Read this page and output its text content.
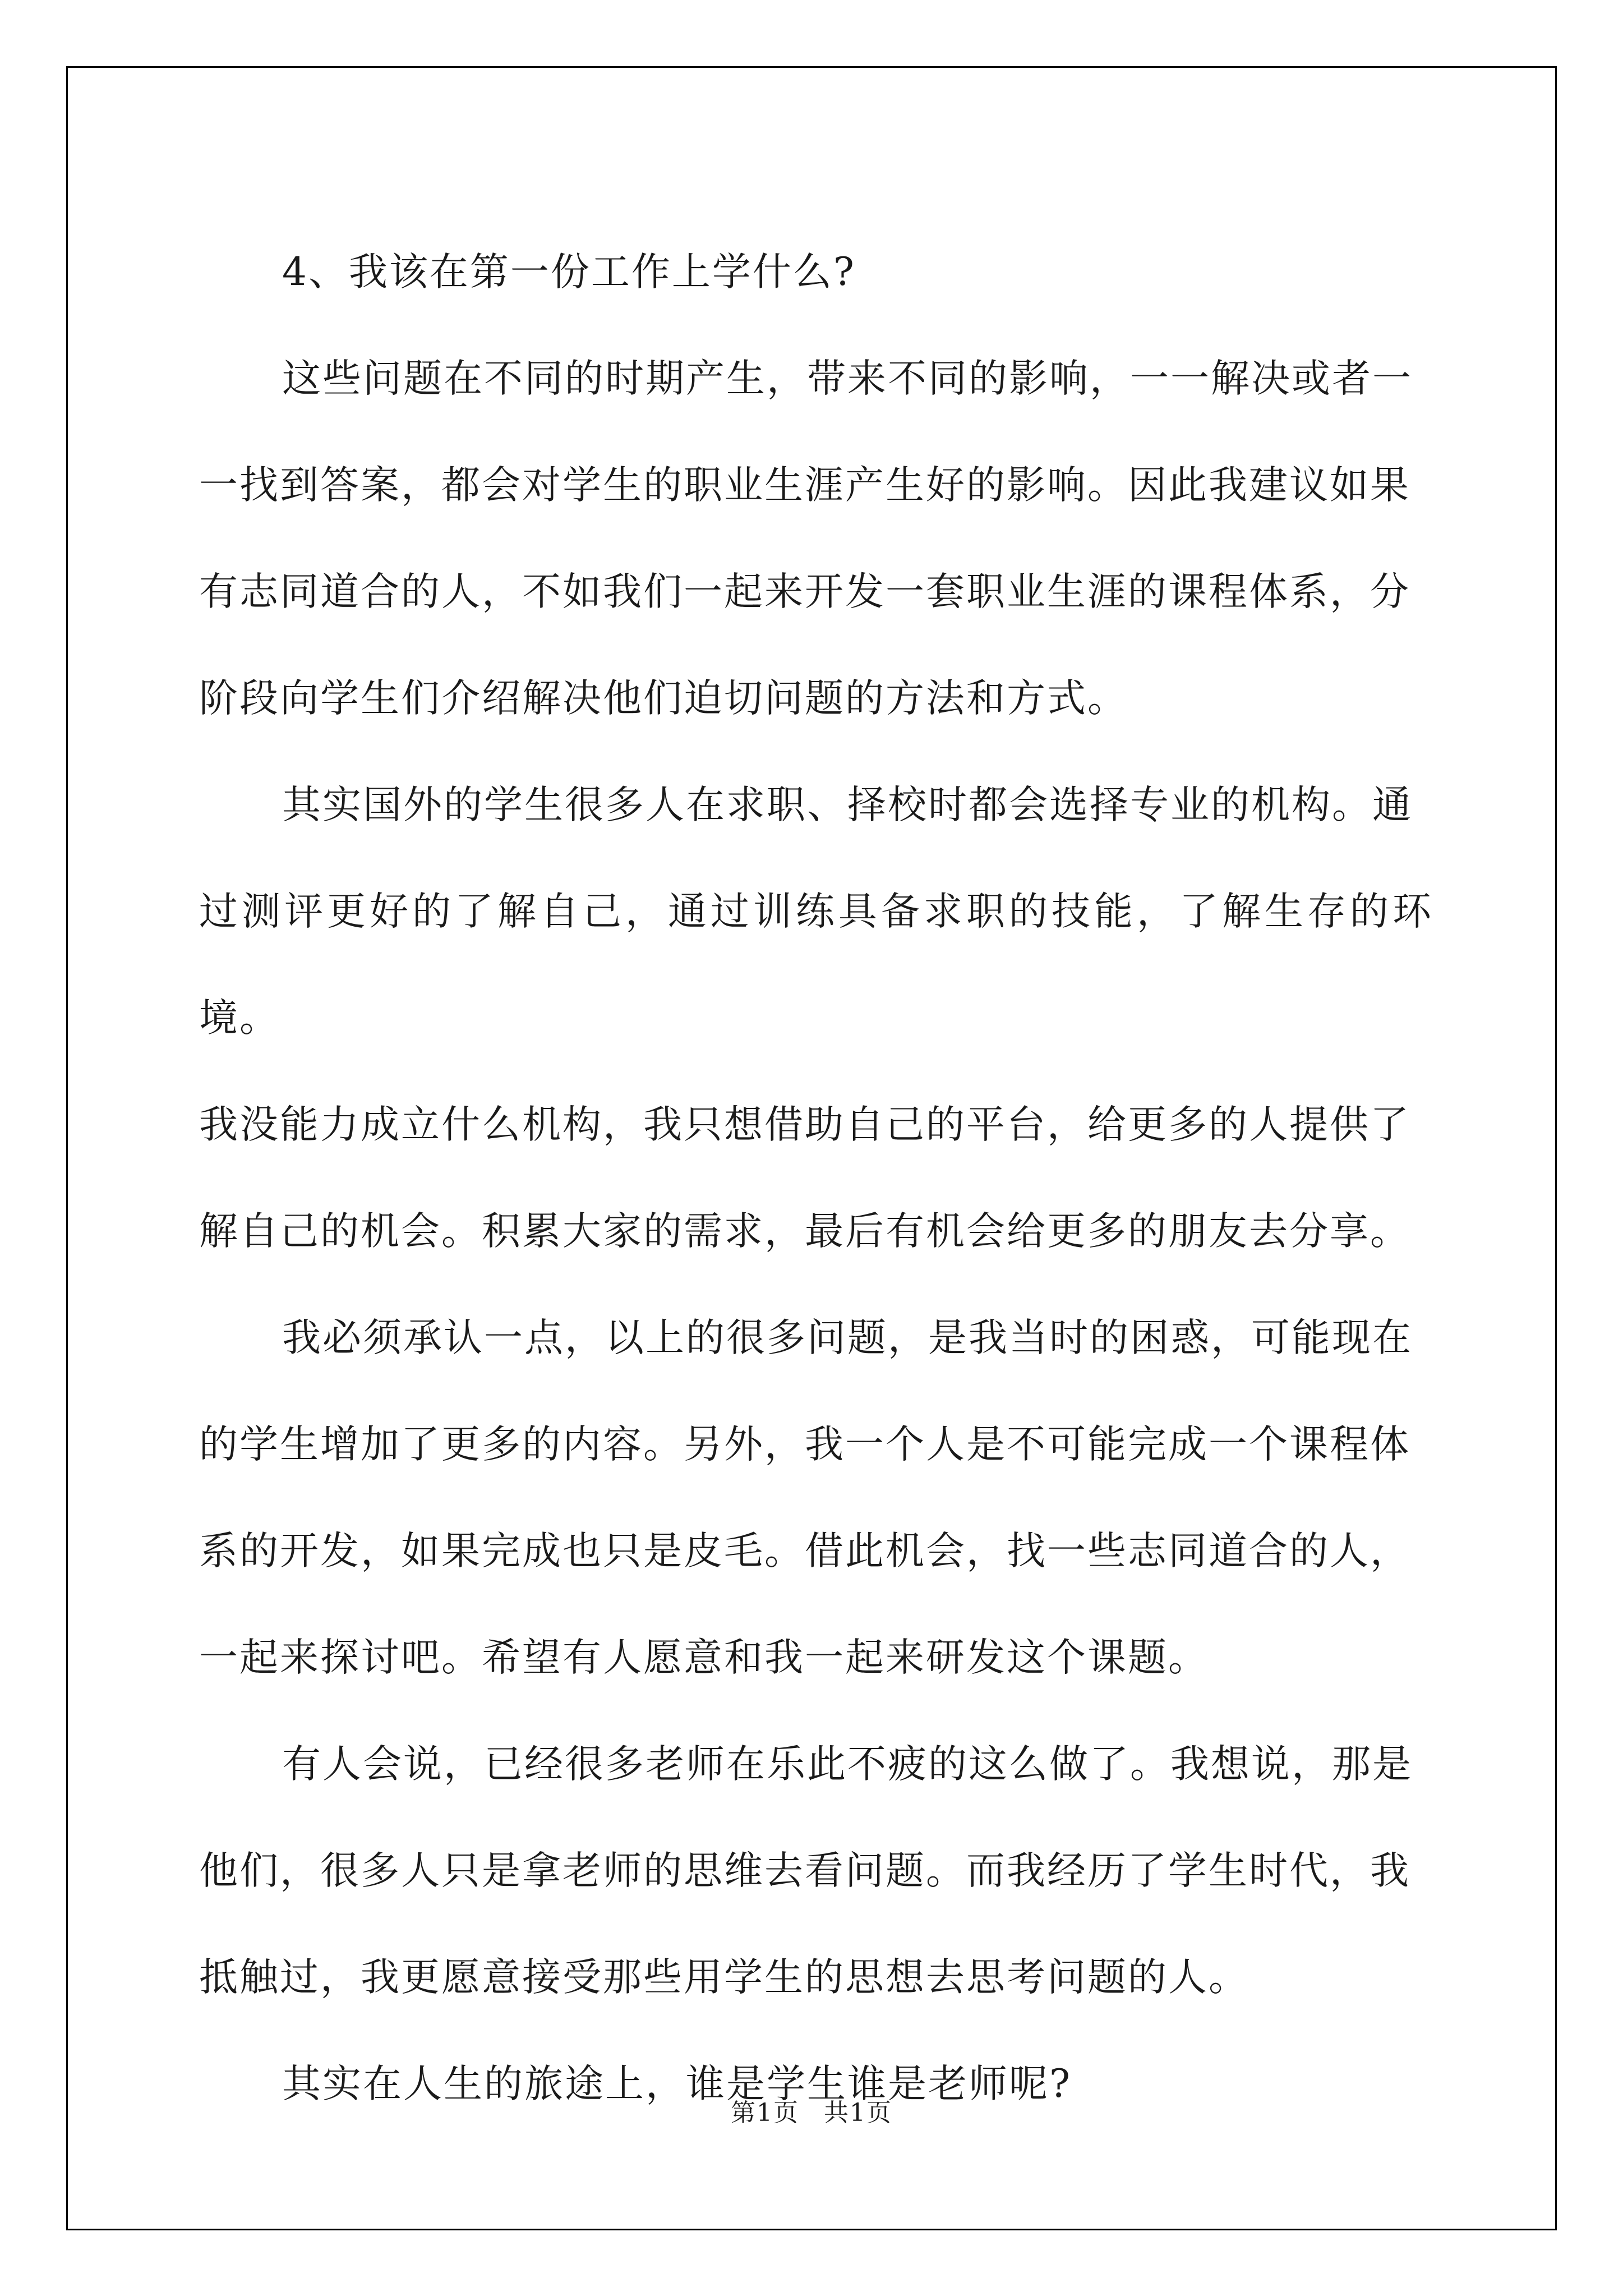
4、我该在第一份工作上学什么?
这些问题在不同的时期产生，带来不同的影响，一一解决或者一
一找到答案，都会对学生的职业生涯产生好的影响。因此我建议如果
有志同道合的人，不如我们一起来开发一套职业生涯的课程体系，分
阶段向学生们介绍解决他们迫切问题的方法和方式。
其实国外的学生很多人在求职、择校时都会选择专业的机构。通
过测评更好的了解自己，通过训练具备求职的技能，了解生存的环境。
我没能力成立什么机构，我只想借助自己的平台，给更多的人提供了
解自己的机会。积累大家的需求，最后有机会给更多的朋友去分享。
我必须承认一点，以上的很多问题，是我当时的困惑，可能现在
的学生增加了更多的内容。另外，我一个人是不可能完成一个课程体
系的开发，如果完成也只是皮毛。借此机会，找一些志同道合的人，
一起来探讨吧。希望有人愿意和我一起来研发这个课题。
有人会说，已经很多老师在乐此不疲的这么做了。我想说，那是
他们，很多人只是拿老师的思维去看问题。而我经历了学生时代，我
抵触过，我更愿意接受那些用学生的思想去思考问题的人。
其实在人生的旅途上，谁是学生谁是老师呢?
第1页 共1页
